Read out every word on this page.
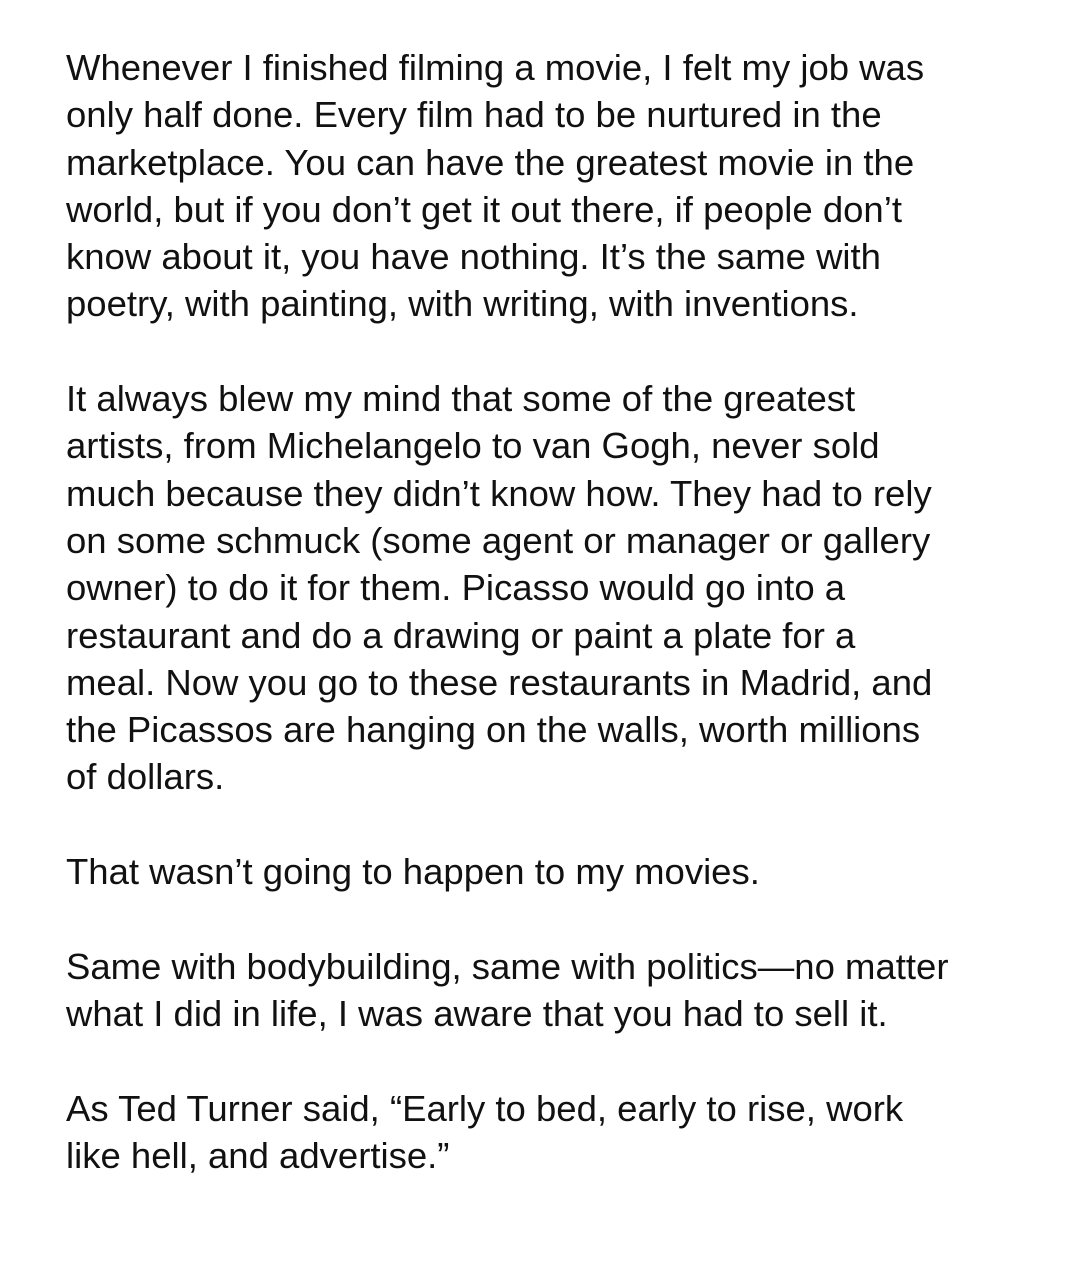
Whenever I finished filming a movie, I felt my job was
only half done. Every film had to be nurtured in the
marketplace. You can have the greatest movie in the
world, but if you don’t get it out there, if people don’t
know about it, you have nothing. It’s the same with
poetry, with painting, with writing, with inventions.

It always blew my mind that some of the greatest
artists, from Michelangelo to van Gogh, never sold
much because they didn’t know how. They had to rely
on some schmuck (some agent or manager or gallery
owner) to do it for them. Picasso would go into a
restaurant and do a drawing or paint a plate for a
meal. Now you go to these restaurants in Madrid, and
the Picassos are hanging on the walls, worth millions
of dollars.

That wasn’t going to happen to my movies.

Same with bodybuilding, same with politics—no matter
what I did in life, I was aware that you had to sell it.

As Ted Turner said, “Early to bed, early to rise, work
like hell, and advertise.”
